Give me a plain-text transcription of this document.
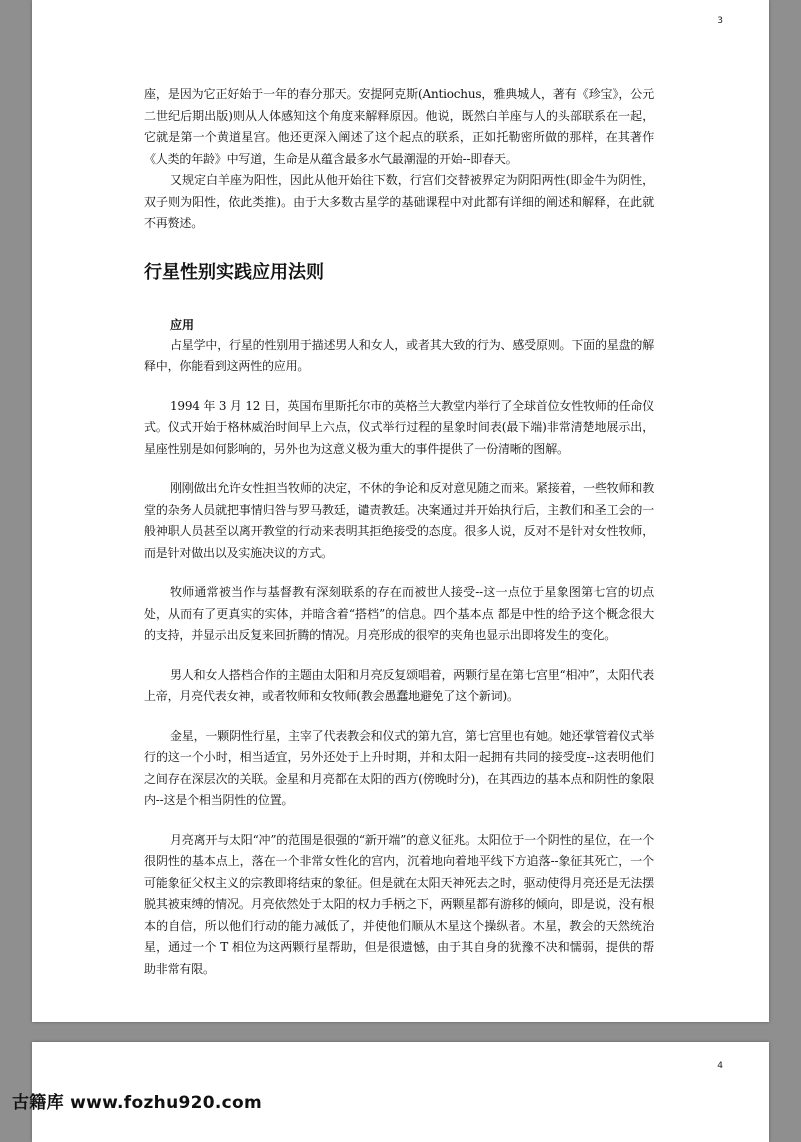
3

座，是因为它正好始于一年的春分那天。安提阿克斯(Antiochus，雅典城人，著有《珍宝》，公元二世纪后期出版)则从人体感知这个角度来解释原因。他说，既然白羊座与人的头部联系在一起，它就是第一个黄道星宫。他还更深入阐述了这个起点的联系，正如托勒密所做的那样，在其著作《人类的年龄》中写道，生命是从蕴含最多水气最潮湿的开始--即春天。

又规定白羊座为阳性，因此从他开始往下数，行宫们交替被界定为阴阳两性(即金牛为阴性，双子则为阳性，依此类推)。由于大多数古星学的基础课程中对此都有详细的阐述和解释，在此就不再赘述。

行星性别实践应用法则
应用

占星学中，行星的性别用于描述男人和女人，或者其大致的行为、感受原则。下面的星盘的解释中，你能看到这两性的应用。

1994 年 3 月 12 日，英国布里斯托尔市的英格兰大教堂内举行了全球首位女性牧师的任命仪式。仪式开始于格林威治时间早上六点，仪式举行过程的星象时间表(最下端)非常清楚地展示出，星座性别是如何影响的，另外也为这意义极为重大的事件提供了一份清晰的图解。

刚刚做出允许女性担当牧师的决定，不休的争论和反对意见随之而来。紧接着，一些牧师和教堂的杂务人员就把事情归咎与罗马教廷，谴责教廷。决案通过并开始执行后，主教们和圣工会的一般神职人员甚至以离开教堂的行动来表明其拒绝接受的态度。很多人说，反对不是针对女性牧师，而是针对做出以及实施决议的方式。

牧师通常被当作与基督教有深刻联系的存在而被世人接受--这一点位于星象图第七宫的切点处，从而有了更真实的实体，并暗含着“搭档”的信息。四个基本点 都是中性的给予这个概念很大的支持，并显示出反复来回折腾的情况。月亮形成的很窄的夹角也显示出即将发生的变化。

男人和女人搭档合作的主题由太阳和月亮反复颂唱着，两颗行星在第七宫里“相冲”，太阳代表上帝，月亮代表女神，或者牧师和女牧师(教会愚蠢地避免了这个新词)。

金星，一颗阴性行星，主宰了代表教会和仪式的第九宫，第七宫里也有她。她还掌管着仪式举行的这一个小时，相当适宜，另外还处于上升时期，并和太阳一起拥有共同的接受度--这表明他们之间存在深层次的关联。金星和月亮都在太阳的西方(傍晚时分)，在其西边的基本点和阴性的象限内--这是个相当阴性的位置。

月亮离开与太阳“冲”的范围是很强的“新开端”的意义征兆。太阳位于一个阴性的星位，在一个很阴性的基本点上，落在一个非常女性化的宫内，沉着地向着地平线下方追落--象征其死亡，一个可能象征父权主义的宗教即将结束的象征。但是就在太阳天神死去之时，驱动使得月亮还是无法摆脱其被束缚的情况。月亮依然处于太阳的权力手柄之下，两颗星都有游移的倾向，即是说，没有根本的自信，所以他们行动的能力减低了，并使他们顺从木星这个操纵者。木星，教会的天然统治星，通过一个 T 相位为这两颗行星帮助，但是很遗憾，由于其自身的犹豫不决和懦弱，提供的帮助非常有限。

4
古籍库 www.fozhu920.com
